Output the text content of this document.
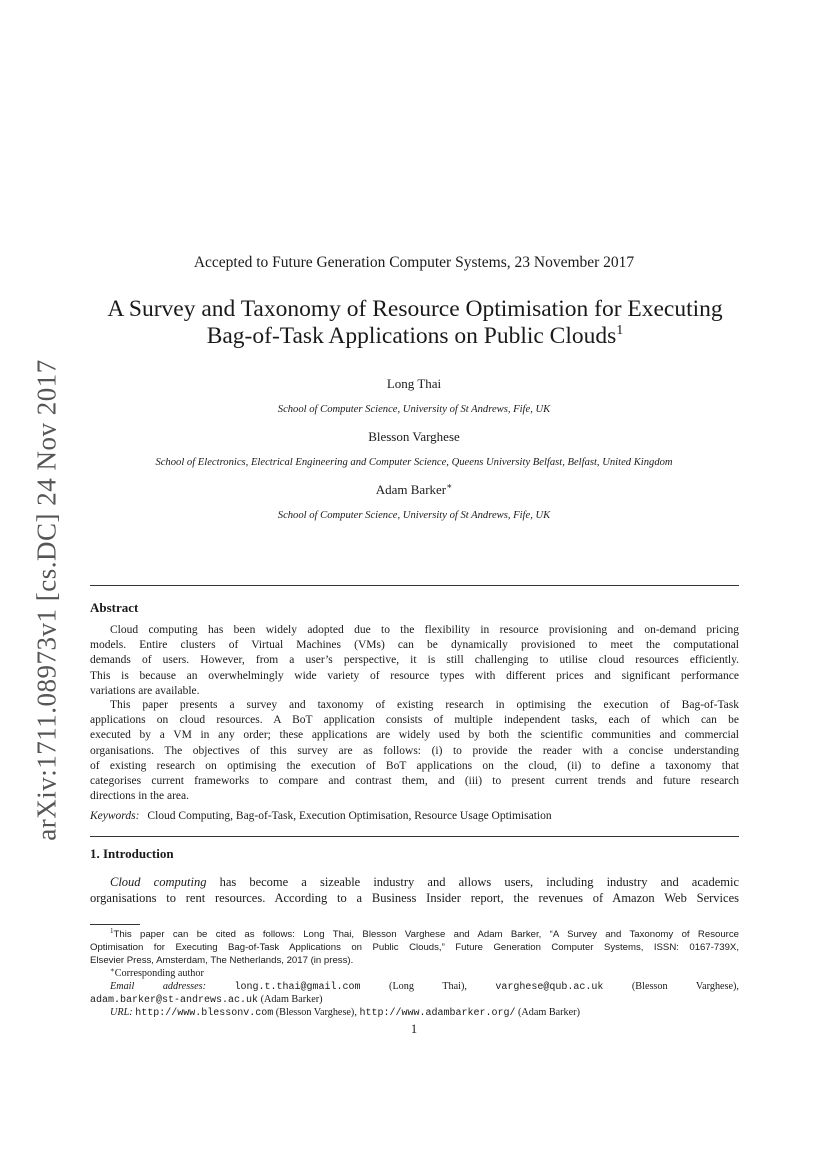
arXiv:1711.08973v1 [cs.DC] 24 Nov 2017
Accepted to Future Generation Computer Systems, 23 November 2017
A Survey and Taxonomy of Resource Optimisation for Executing
Bag-of-Task Applications on Public Clouds$^1$
Long Thai
School of Computer Science, University of St Andrews, Fife, UK
Blesson Varghese
School of Electronics, Electrical Engineering and Computer Science, Queens University Belfast, Belfast, United Kingdom
Adam Barker∗
School of Computer Science, University of St Andrews, Fife, UK
Abstract
Cloud computing has been widely adopted due to the flexibility in resource provisioning and on-demand pricing
models. Entire clusters of Virtual Machines (VMs) can be dynamically provisioned to meet the computational
demands of users. However, from a user’s perspective, it is still challenging to utilise cloud resources efficiently.
This is because an overwhelmingly wide variety of resource types with different prices and significant performance
variations are available.
This paper presents a survey and taxonomy of existing research in optimising the execution of Bag-of-Task
applications on cloud resources. A BoT application consists of multiple independent tasks, each of which can be
executed by a VM in any order; these applications are widely used by both the scientific communities and commercial
organisations. The objectives of this survey are as follows: (i) to provide the reader with a concise understanding
of existing research on optimising the execution of BoT applications on the cloud, (ii) to define a taxonomy that
categorises current frameworks to compare and contrast them, and (iii) to present current trends and future research
directions in the area.
Keywords: Cloud Computing, Bag-of-Task, Execution Optimisation, Resource Usage Optimisation
1. Introduction
Cloud computing has become a sizeable industry and allows users, including industry and academic
organisations to rent resources. According to a Business Insider report, the revenues of Amazon Web Services
$^1$This paper can be cited as follows: Long Thai, Blesson Varghese and Adam Barker, “A Survey and Taxonomy of Resource
Optimisation for Executing Bag-of-Task Applications on Public Clouds,” Future Generation Computer Systems, ISSN: 0167-739X,
Elsevier Press, Amsterdam, The Netherlands, 2017 (in press).
∗Corresponding author
Email addresses:	long.t.thai@gmail.com (Long Thai), varghese@qub.ac.uk (Blesson Varghese),
adam.barker@st-andrews.ac.uk (Adam Barker)
URL: http://www.blessonv.com (Blesson Varghese), http://www.adambarker.org/ (Adam Barker)
1
